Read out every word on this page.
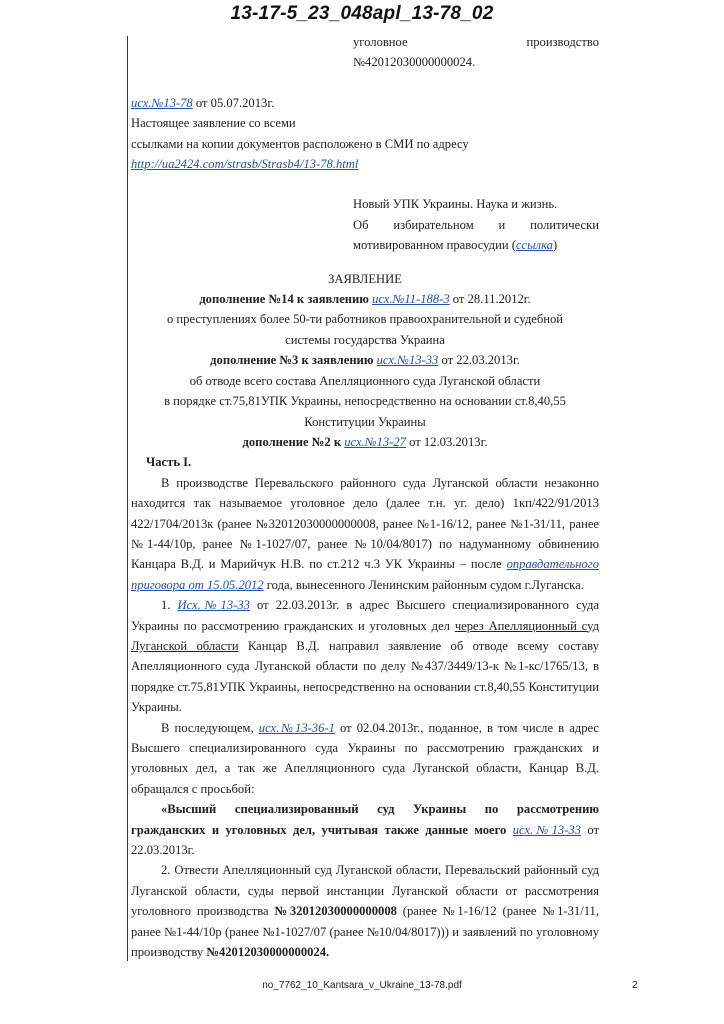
13-17-5_23_048apl_13-78_02
уголовное	производство
№42012030000000024.
исх.№13-78 от 05.07.2013г.
Настоящее заявление со всеми
ссылками на копии документов расположено в СМИ по адресу
http://ua2424.com/strasb/Strasb4/13-78.html
Новый УПК Украины. Наука и жизнь.
Об избирательном и политически
мотивированном правосудии (ссылка)
ЗАЯВЛЕНИЕ
дополнение №14 к заявлению исх.№11-188-3 от 28.11.2012г.
о преступлениях более 50-ти работников правоохранительной и судебной
системы государства Украина
дополнение №3 к заявлению исх.№13-33 от 22.03.2013г.
об отводе всего состава Апелляционного суда Луганской области
в порядке ст.75,81УПК Украины, непосредственно на основании ст.8,40,55
Конституции Украины
дополнение №2 к исх.№13-27 от 12.03.2013г.
Часть I.

В производстве Перевальского районного суда Луганской области незаконно находится так называемое уголовное дело (далее т.н. уг. дело) 1кп/422/91/2013 422/1704/2013к (ранее №32012030000000008, ранее №1-16/12, ранее №1-31/11, ранее №1-44/10р, ранее №1-1027/07, ранее №10/04/8017) по надуманному обвинению Канцара В.Д. и Марийчук Н.В. по ст.212 ч.3 УК Украины – после оправдательного приговора от 15.05.2012 года, вынесенного Ленинским районным судом г.Луганска.

1. Исх.№13-33 от 22.03.2013г. в адрес Высшего специализированного суда Украины по рассмотрению гражданских и уголовных дел через Апелляционный суд Луганской области Канцар В.Д. направил заявление об отводе всему составу Апелляционного суда Луганской области по делу №437/3449/13-к №1-кс/1765/13, в порядке ст.75,81УПК Украины, непосредственно на основании ст.8,40,55 Конституции Украины.

В последующем, исх.№13-36-1 от 02.04.2013г., поданное, в том числе в адрес Высшего специализированного суда Украины по рассмотрению гражданских и уголовных дел, а так же Апелляционного суда Луганской области, Канцар В.Д. обращался с просьбой:

«Высший специализированный суд Украины по рассмотрению гражданских и уголовных дел, учитывая также данные моего исх.№13-33 от 22.03.2013г.

2. Отвести Апелляционный суд Луганской области, Перевальский районный суд Луганской области, суды первой инстанции Луганской области от рассмотрения уголовного производства №32012030000000008 (ранее №1-16/12 (ранее №1-31/11, ранее №1-44/10р (ранее №1-1027/07 (ранее №10/04/8017))) и заявлений по уголовному производству №42012030000000024.

no_7762_10_Kantsara_v_Ukraine_13-78.pdf	2
